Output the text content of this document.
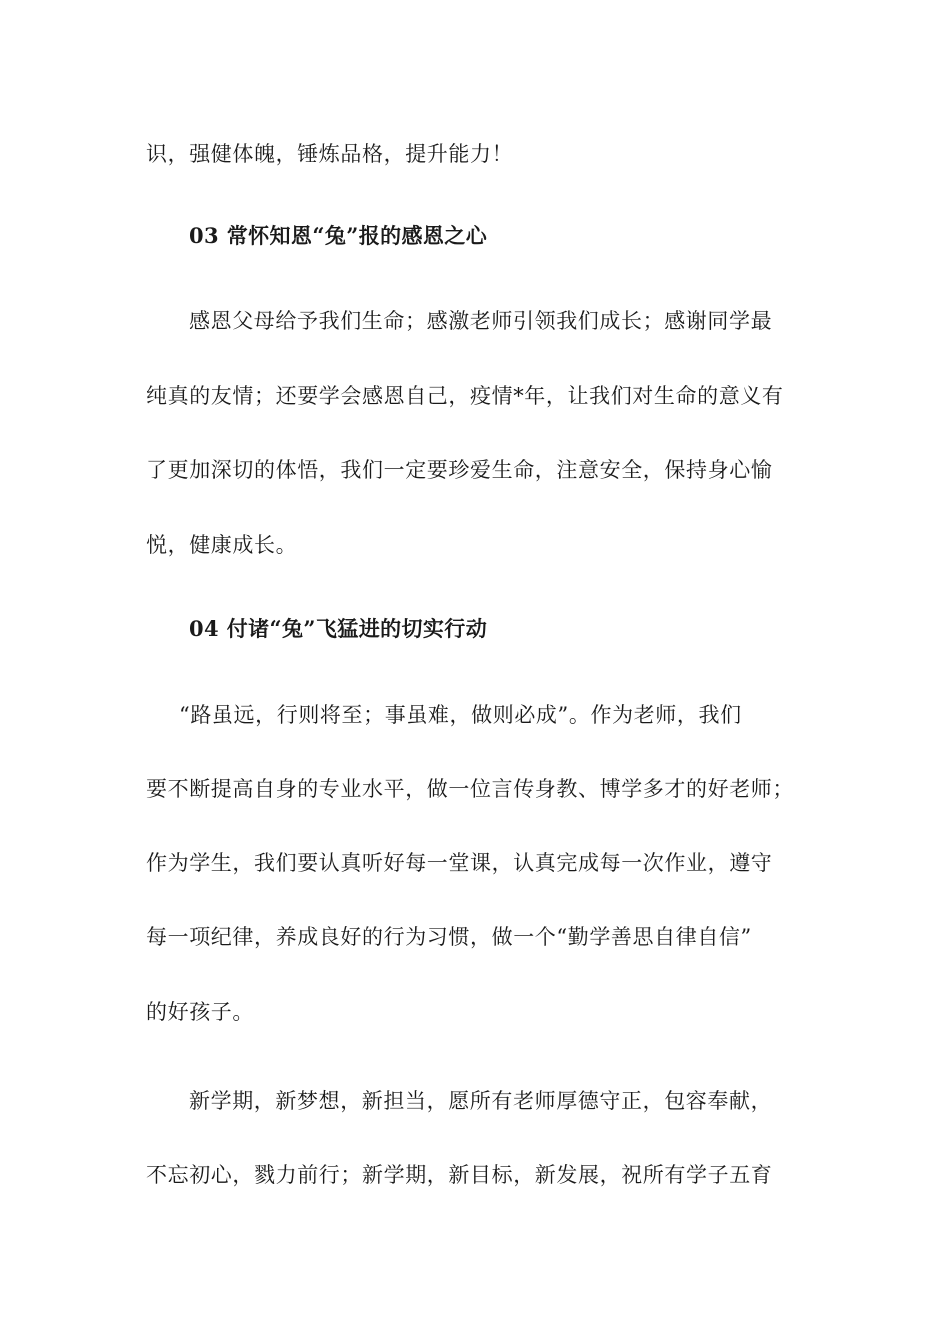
识，强健体魄，锤炼品格，提升能力！
03 常怀知恩“兔”报的感恩之心
感恩父母给予我们生命；感激老师引领我们成长；感谢同学最
纯真的友情；还要学会感恩自己，疫情*年，让我们对生命的意义有
了更加深切的体悟，我们一定要珍爱生命，注意安全，保持身心愉
悦，健康成长。
04 付诸“兔”飞猛进的切实行动
“路虽远，行则将至；事虽难，做则必成”。作为老师，我们
要不断提高自身的专业水平，做一位言传身教、博学多才的好老师；
作为学生，我们要认真听好每一堂课，认真完成每一次作业，遵守
每一项纪律，养成良好的行为习惯，做一个“勤学善思自律自信”
的好孩子。
新学期，新梦想，新担当，愿所有老师厚德守正，包容奉献，
不忘初心，戮力前行；新学期，新目标，新发展，祝所有学子五育
